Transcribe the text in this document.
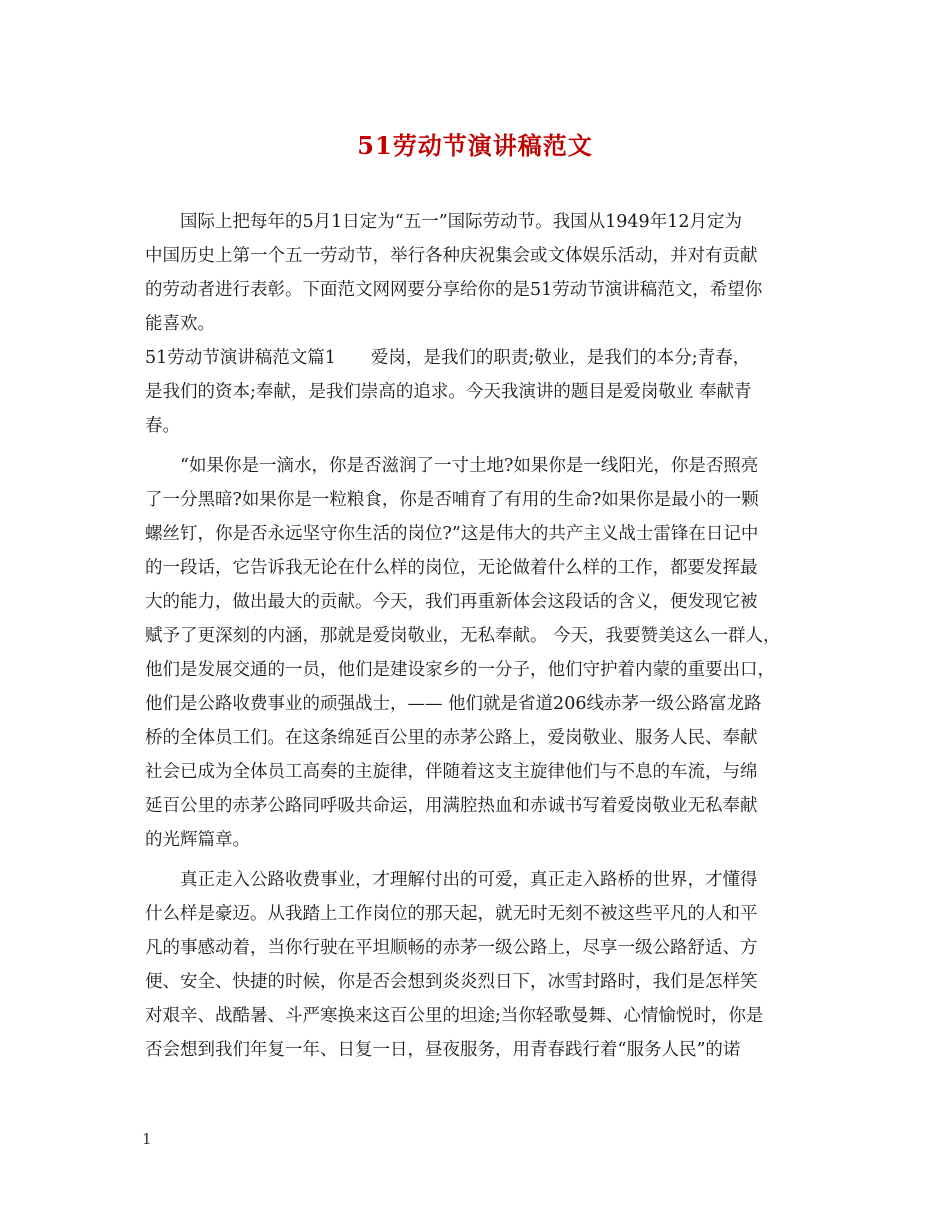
51劳动节演讲稿范文
国际上把每年的5月1日定为“五一”国际劳动节。我国从1949年12月定为
中国历史上第一个五一劳动节，举行各种庆祝集会或文体娱乐活动，并对有贡献
的劳动者进行表彰。下面范文网网要分享给你的是51劳动节演讲稿范文，希望你
能喜欢。
51劳动节演讲稿范文篇1　　爱岗，是我们的职责;敬业，是我们的本分;青春，
是我们的资本;奉献，是我们崇高的追求。今天我演讲的题目是爱岗敬业 奉献青
春。
“如果你是一滴水，你是否滋润了一寸土地?如果你是一线阳光，你是否照亮
了一分黑暗?如果你是一粒粮食，你是否哺育了有用的生命?如果你是最小的一颗
螺丝钉，你是否永远坚守你生活的岗位?”这是伟大的共产主义战士雷锋在日记中
的一段话，它告诉我无论在什么样的岗位，无论做着什么样的工作，都要发挥最
大的能力，做出最大的贡献。今天，我们再重新体会这段话的含义，便发现它被
赋予了更深刻的内涵，那就是爱岗敬业，无私奉献。 今天，我要赞美这么一群人，
他们是发展交通的一员，他们是建设家乡的一分子，他们守护着内蒙的重要出口，
他们是公路收费事业的顽强战士，—— 他们就是省道206线赤茅一级公路富龙路
桥的全体员工们。在这条绵延百公里的赤茅公路上，爱岗敬业、服务人民、奉献
社会已成为全体员工高奏的主旋律，伴随着这支主旋律他们与不息的车流，与绵
延百公里的赤茅公路同呼吸共命运，用满腔热血和赤诚书写着爱岗敬业无私奉献
的光辉篇章。
真正走入公路收费事业，才理解付出的可爱，真正走入路桥的世界，才懂得
什么样是豪迈。从我踏上工作岗位的那天起，就无时无刻不被这些平凡的人和平
凡的事感动着，当你行驶在平坦顺畅的赤茅一级公路上，尽享一级公路舒适、方
便、安全、快捷的时候，你是否会想到炎炎烈日下，冰雪封路时，我们是怎样笑
对艰辛、战酷暑、斗严寒换来这百公里的坦途;当你轻歌曼舞、心情愉悦时，你是
否会想到我们年复一年、日复一日，昼夜服务，用青春践行着“服务人民”的诺
1
